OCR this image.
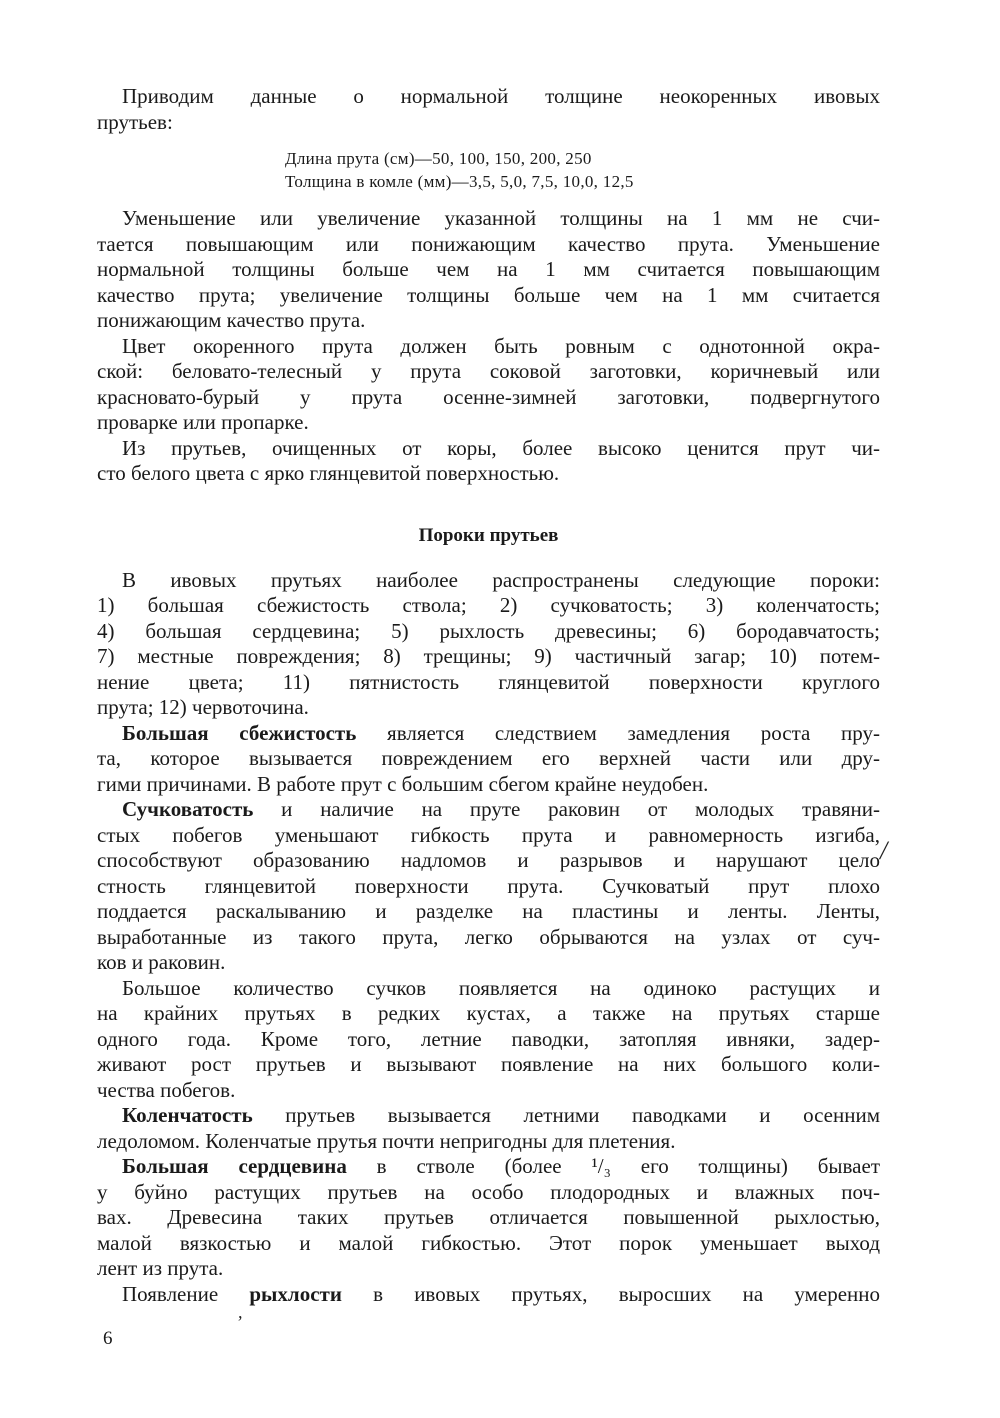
Приводим данные о нормальной толщине неокоренных ивовых
прутьев:
Длина прута (см)—50, 100, 150, 200, 250
Толщина в комле (мм)—3,5, 5,0, 7,5, 10,0, 12,5
Уменьшение или увеличение указанной толщины на 1 мм не счи-
тается повышающим или понижающим качество прута. Уменьшение
нормальной толщины больше чем на 1 мм считается повышающим
качество прута; увеличение толщины больше чем на 1 мм считается
понижающим качество прута.
Цвет окоренного прута должен быть ровным с однотонной окра-
ской: беловато-телесный у прута соковой заготовки, коричневый или
красновато-бурый у прута осенне-зимней заготовки, подвергнутого
проварке или пропарке.
Из прутьев, очищенных от коры, более высоко ценится прут чи-
сто белого цвета с ярко глянцевитой поверхностью.
Пороки прутьев
В ивовых прутьях наиболее распространены следующие пороки:
1) большая сбежистость ствола; 2) сучковатость; 3) коленчатость;
4) большая сердцевина; 5) рыхлость древесины; 6) бородавчатость;
7) местные повреждения; 8) трещины; 9) частичный загар; 10) потем-
нение цвета; 11) пятнистость глянцевитой поверхности круглого
прута; 12) червоточина.
Большая сбежистость является следствием замедления роста пру-
та, которое вызывается повреждением его верхней части или дру-
гими причинами. В работе прут с большим сбегом крайне неудобен.
Сучковатость и наличие на пруте раковин от молодых травяни-
стых побегов уменьшают гибкость прута и равномерность изгиба,
способствуют образованию надломов и разрывов и нарушают цело
стность глянцевитой поверхности прута. Сучковатый прут плохо
поддается раскалыванию и разделке на пластины и ленты. Ленты,
выработанные из такого прута, легко обрываются на узлах от суч-
ков и раковин.
Большое количество сучков появляется на одиноко растущих и
на крайних прутьях в редких кустах, а также на прутьях старше
одного года. Кроме того, летние паводки, затопляя ивняки, задер-
живают рост прутьев и вызывают появление на них большого коли-
чества побегов.
Коленчатость прутьев вызывается летними паводками и осенним
ледоломом. Коленчатые прутья почти непригодны для плетения.
Большая сердцевина в стволе (более ¹/₃ его толщины) бывает
у буйно растущих прутьев на особо плодородных и влажных поч-
вах. Древесина таких прутьев отличается повышенной рыхлостью,
малой вязкостью и малой гибкостью. Этот порок уменьшает выход
лент из прута.
Появление рыхлости в ивовых прутьях, выросших на умеренно
6
/
,
